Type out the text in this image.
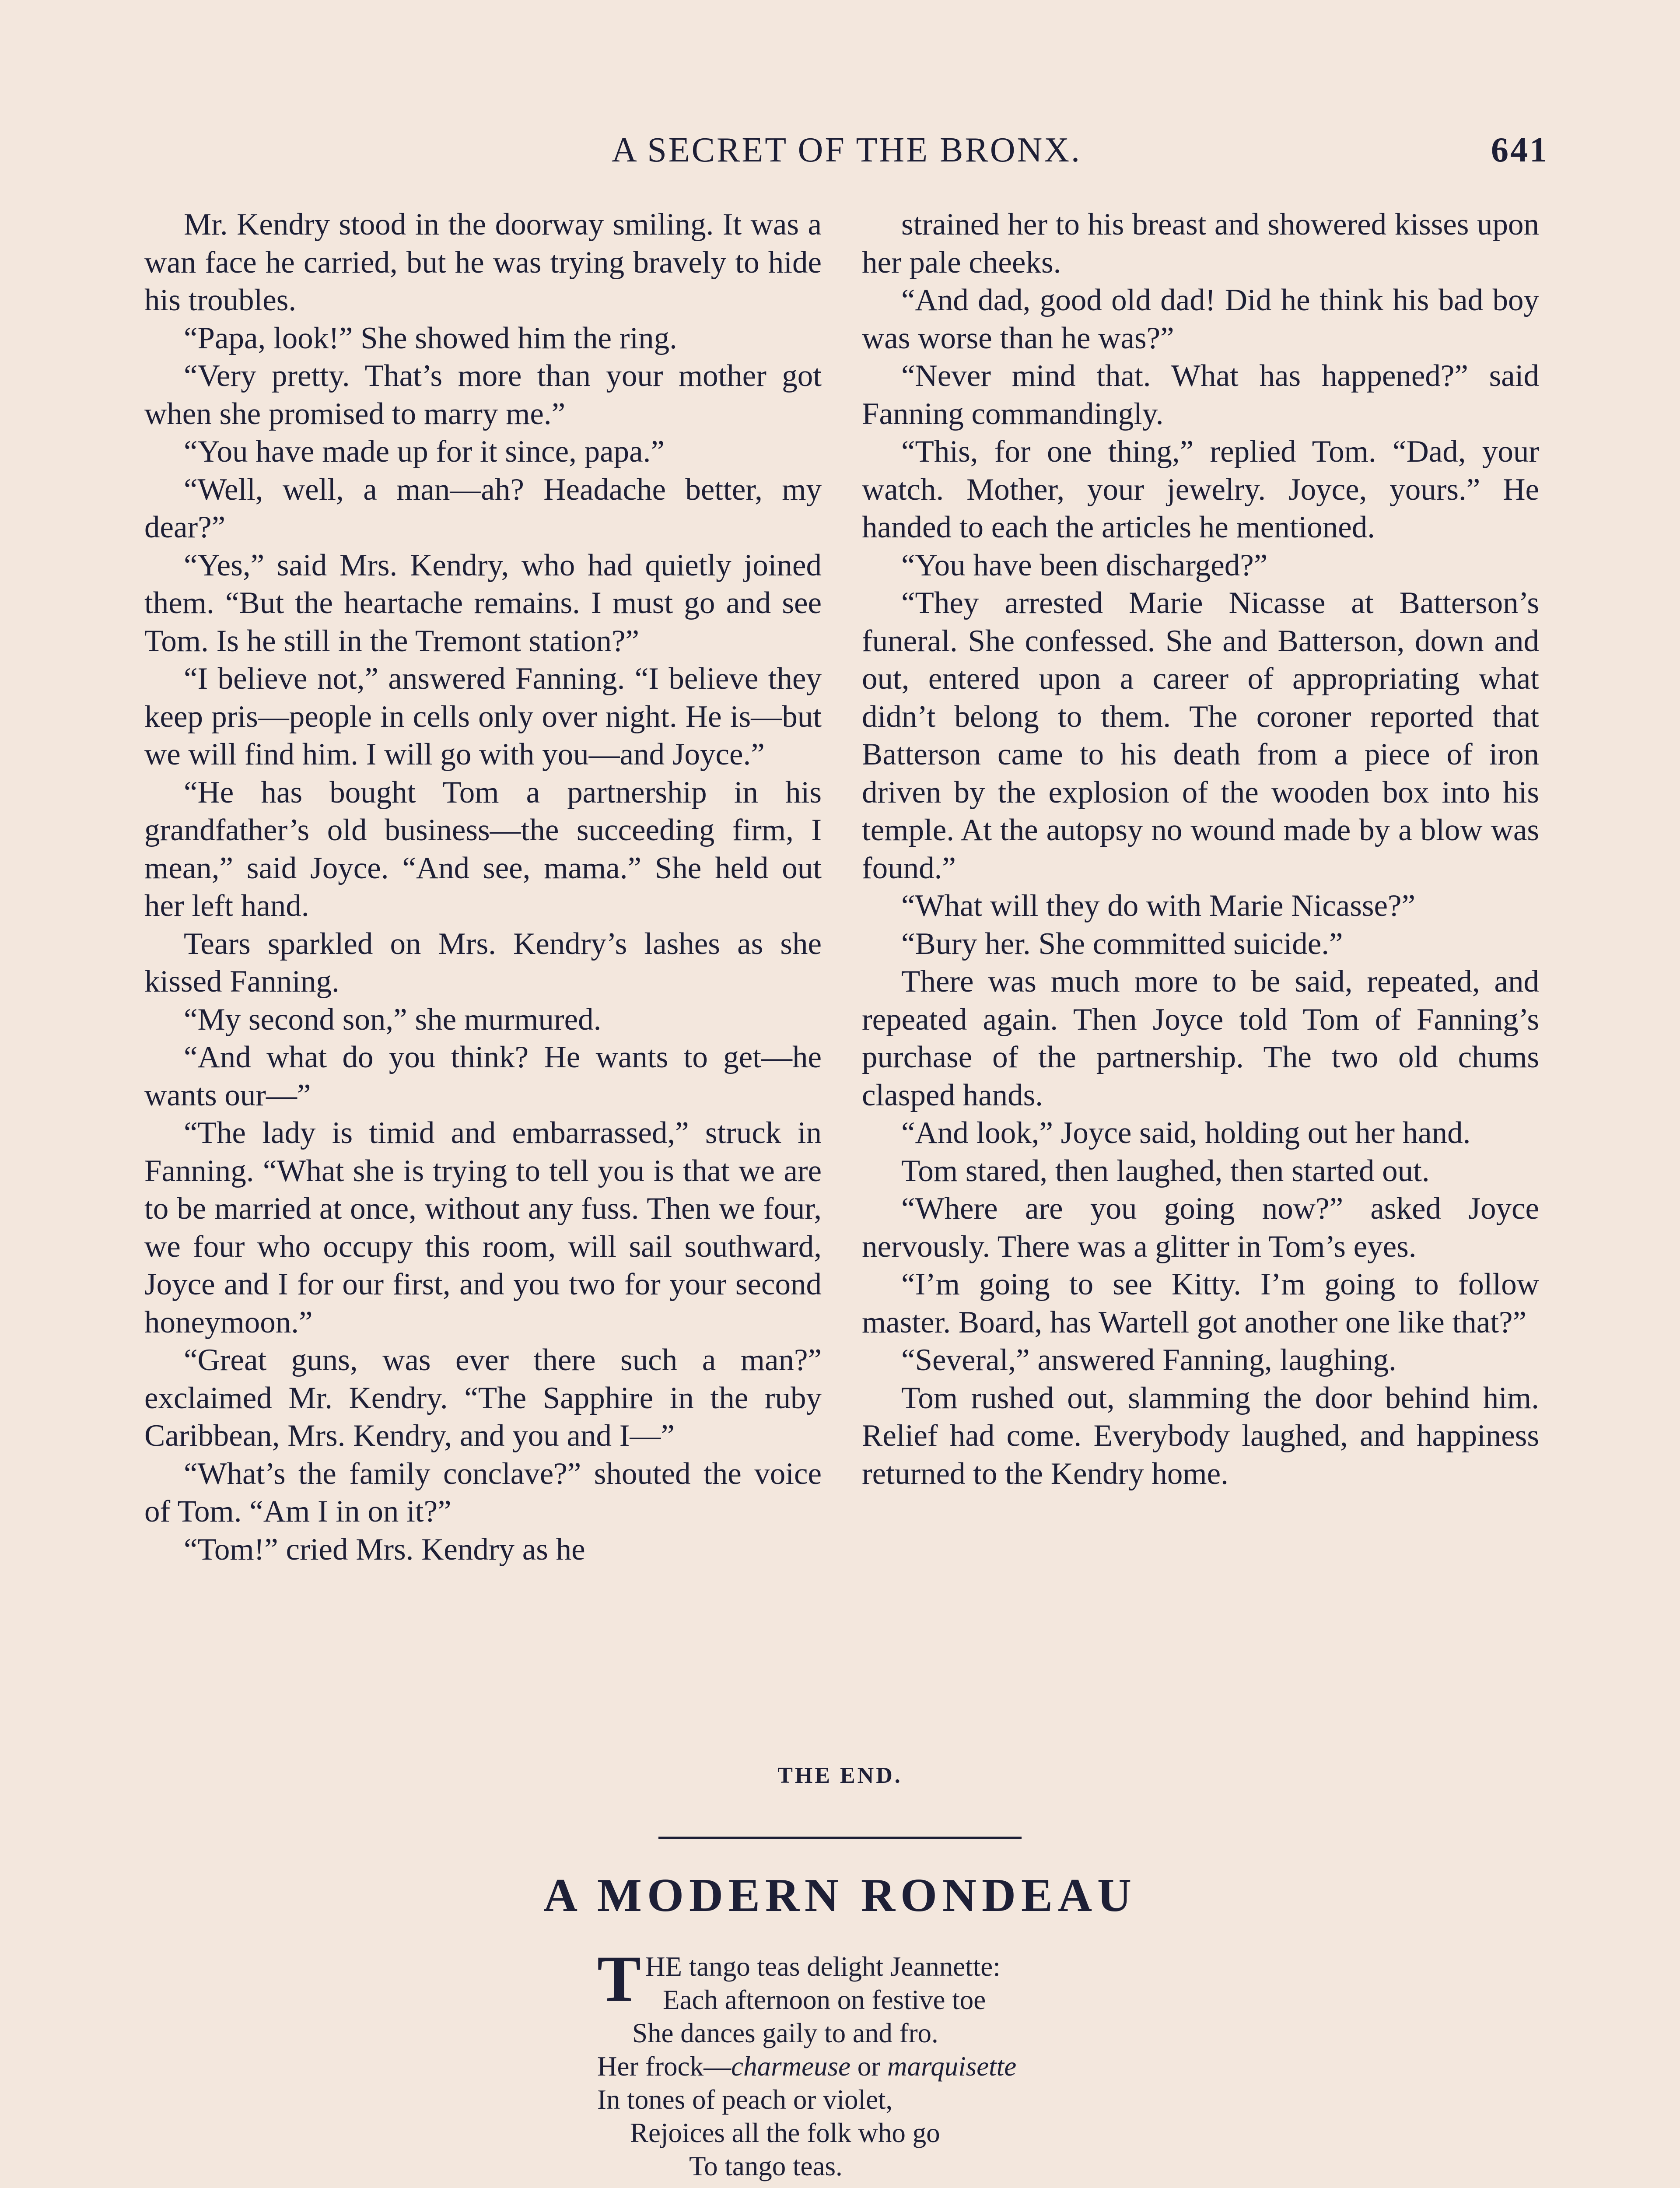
A SECRET OF THE BRONX.	641

Mr. Kendry stood in the doorway smiling. It was a wan face he carried, but he was trying bravely to hide his troubles.

“Papa, look!” She showed him the ring.

“Very pretty. That’s more than your mother got when she promised to marry me.”

“You have made up for it since, papa.”

“Well, well, a man—ah? Headache better, my dear?”

“Yes,” said Mrs. Kendry, who had quietly joined them. “But the heartache remains. I must go and see Tom. Is he still in the Tremont station?”

“I believe not,” answered Fanning. “I believe they keep pris—people in cells only over night. He is—but we will find him. I will go with you—and Joyce.”

“He has bought Tom a partnership in his grandfather’s old business—the succeeding firm, I mean,” said Joyce. “And see, mama.” She held out her left hand.

Tears sparkled on Mrs. Kendry’s lashes as she kissed Fanning.

“My second son,” she murmured.

“And what do you think? He wants to get—he wants our—”

“The lady is timid and embarrassed,” struck in Fanning. “What she is trying to tell you is that we are to be married at once, without any fuss. Then we four, we four who occupy this room, will sail southward, Joyce and I for our first, and you two for your second honeymoon.”

“Great guns, was ever there such a man?” exclaimed Mr. Kendry. “The Sapphire in the ruby Caribbean, Mrs. Kendry, and you and I—”

“What’s the family conclave?” shouted the voice of Tom. “Am I in on it?”

“Tom!” cried Mrs. Kendry as he

strained her to his breast and showered kisses upon her pale cheeks.

“And dad, good old dad! Did he think his bad boy was worse than he was?”

“Never mind that. What has happened?” said Fanning commandingly.

“This, for one thing,” replied Tom. “Dad, your watch. Mother, your jewelry. Joyce, yours.” He handed to each the articles he mentioned.

“You have been discharged?”

“They arrested Marie Nicasse at Batterson’s funeral. She confessed. She and Batterson, down and out, entered upon a career of appropriating what didn’t belong to them. The coroner reported that Batterson came to his death from a piece of iron driven by the explosion of the wooden box into his temple. At the autopsy no wound made by a blow was found.”

“What will they do with Marie Nicasse?”

“Bury her. She committed suicide.”

There was much more to be said, repeated, and repeated again. Then Joyce told Tom of Fanning’s purchase of the partnership. The two old chums clasped hands.

“And look,” Joyce said, holding out her hand.

Tom stared, then laughed, then started out.

“Where are you going now?” asked Joyce nervously. There was a glitter in Tom’s eyes.

“I’m going to see Kitty. I’m going to follow master. Board, has Wartell got another one like that?”

“Several,” answered Fanning, laughing.

Tom rushed out, slamming the door behind him. Relief had come. Everybody laughed, and happiness returned to the Kendry home.

THE END.
A MODERN RONDEAU
T HE tango teas delight Jeannette:
Each afternoon on festive toe
She dances gaily to and fro.
Her frock—charmeuse or marquisette
In tones of peach or violet,
Rejoices all the folk who go
To tango teas.
